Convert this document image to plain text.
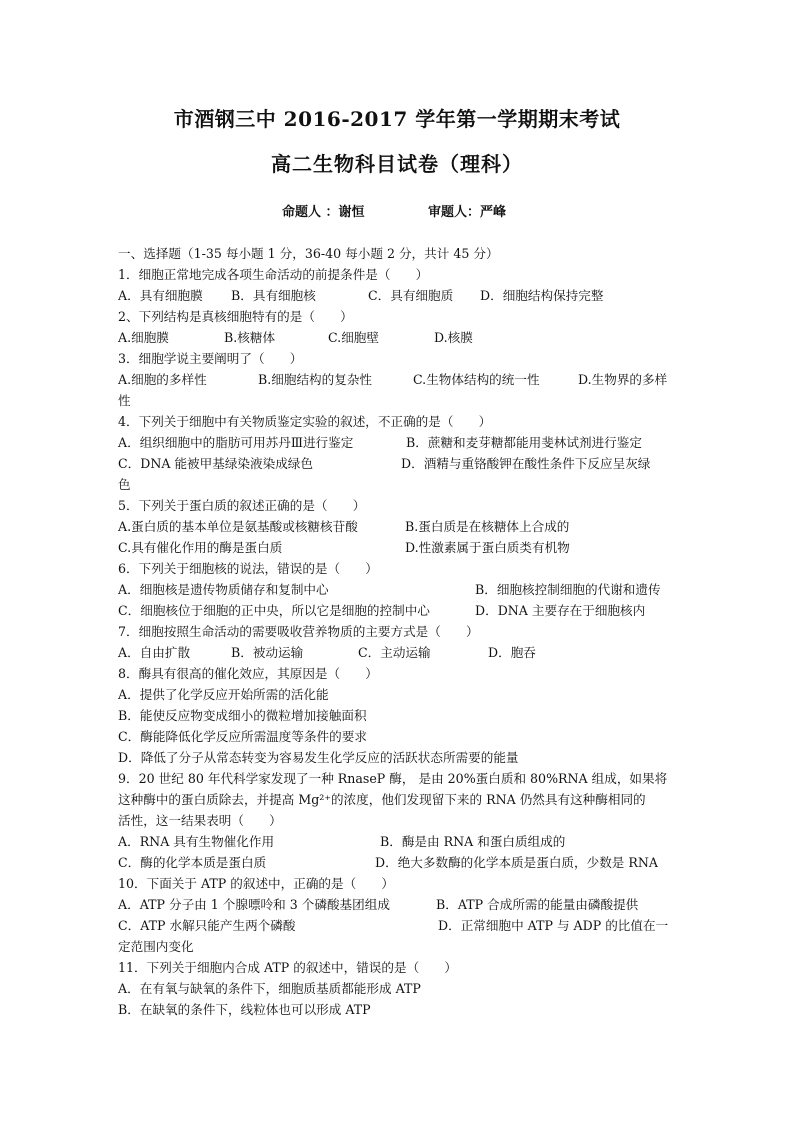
市酒钢三中 2016-2017 学年第一学期期末考试
高二生物科目试卷（理科）
命题人 ：谢恒	审题人：严峰
一、选择题（1-35 每小题 1 分，36-40 每小题 2 分，共计 45 分）
1．细胞正常地完成各项生命活动的前提条件是（　　）
A．具有细胞膜 B．具有细胞核	C．具有细胞质 D．细胞结构保持完整
2、下列结构是真核细胞特有的是（　　）
A.细胞膜	B.核糖体	C.细胞壁	D.核膜
3．细胞学说主要阐明了（　　）
A.细胞的多样性	B.细胞结构的复杂性	C.生物体结构的统一性	D.生物界的多样
性
4．下列关于细胞中有关物质鉴定实验的叙述，不正确的是（　　）
A．组织细胞中的脂肪可用苏丹Ⅲ进行鉴定	B．蔗糖和麦芽糖都能用斐林试剂进行鉴定
C．DNA 能被甲基绿染液染成绿色	D．酒精与重铬酸钾在酸性条件下反应呈灰绿
色
5．下列关于蛋白质的叙述正确的是（　　）
A.蛋白质的基本单位是氨基酸或核糖核苷酸	B.蛋白质是在核糖体上合成的
C.具有催化作用的酶是蛋白质	D.性激素属于蛋白质类有机物
6．下列关于细胞核的说法，错误的是（　　）
A．细胞核是遗传物质储存和复制中心	B．细胞核控制细胞的代谢和遗传
C．细胞核位于细胞的正中央，所以它是细胞的控制中心	D．DNA 主要存在于细胞核内
7．细胞按照生命活动的需要吸收营养物质的主要方式是（　　）
A．自由扩散	B．被动运输	C．主动运输	D．胞吞
8．酶具有很高的催化效应，其原因是（　　）
A．提供了化学反应开始所需的活化能
B．能使反应物变成细小的微粒增加接触面积
C．酶能降低化学反应所需温度等条件的要求
D．降低了分子从常态转变为容易发生化学反应的活跃状态所需要的能量
9．20 世纪 80 年代科学家发现了一种 RnaseP 酶， 是由 20%蛋白质和 80%RNA 组成，如果将
这种酶中的蛋白质除去，并提高 Mg²⁺的浓度，他们发现留下来的 RNA 仍然具有这种酶相同的
活性，这一结果表明（　　）
A．RNA 具有生物催化作用	B．酶是由 RNA 和蛋白质组成的
C．酶的化学本质是蛋白质	D．绝大多数酶的化学本质是蛋白质，少数是 RNA
10．下面关于 ATP 的叙述中，正确的是（　　）
A．ATP 分子由 1 个腺嘌呤和 3 个磷酸基团组成	B．ATP 合成所需的能量由磷酸提供
C．ATP 水解只能产生两个磷酸	D．正常细胞中 ATP 与 ADP 的比值在一
定范围内变化
11．下列关于细胞内合成 ATP 的叙述中，错误的是（　　）
A．在有氧与缺氧的条件下，细胞质基质都能形成 ATP
B．在缺氧的条件下，线粒体也可以形成 ATP
